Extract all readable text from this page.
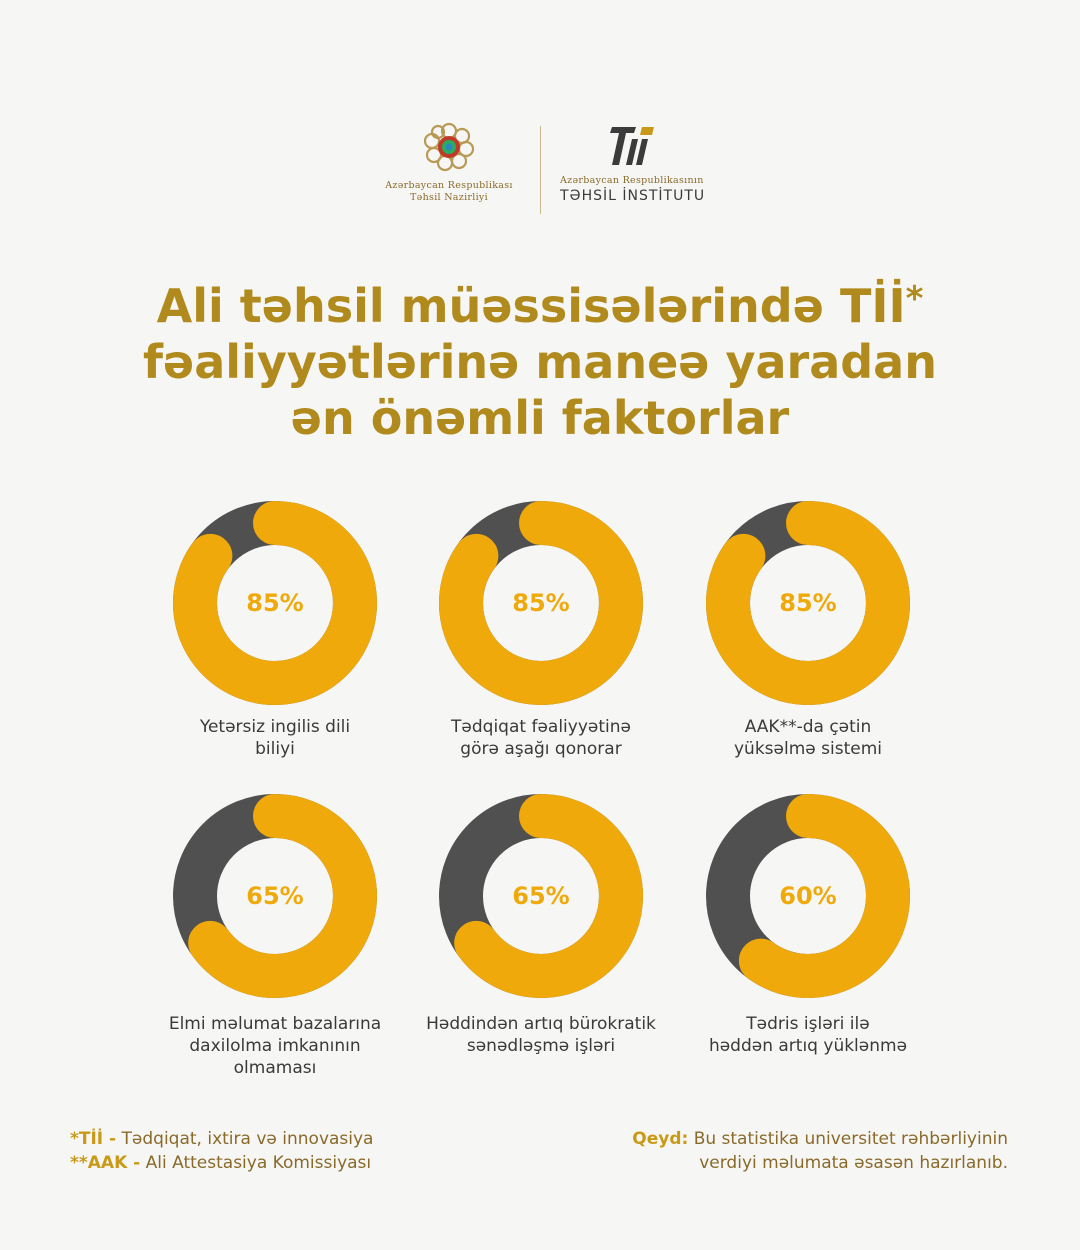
Azərbaycan Respublikası
Təhsil Nazirliyi
Azərbaycan Respublikasının
TƏHSİL İNSTİTUTU
Ali təhsil müəssisələrində Tİİ*
fəaliyyətlərinə maneə yaradan
ən önəmli faktorlar
85%
Yetərsiz ingilis dili
biliyi
85%
Tədqiqat fəaliyyətinə
görə aşağı qonorar
85%
AAK**-da çətin
yüksəlmə sistemi
65%
Elmi məlumat bazalarına
daxilolma imkanının
olmaması
65%
Həddindən artıq bürokratik
sənədləşmə işləri
60%
Tədris işləri ilə
həddən artıq yüklənmə
*Tİİ - Tədqiqat, ixtira və innovasiya
**AAK - Ali Attestasiya Komissiyası
Qeyd: Bu statistika universitet rəhbərliyinin
verdiyi məlumata əsasən hazırlanıb.
